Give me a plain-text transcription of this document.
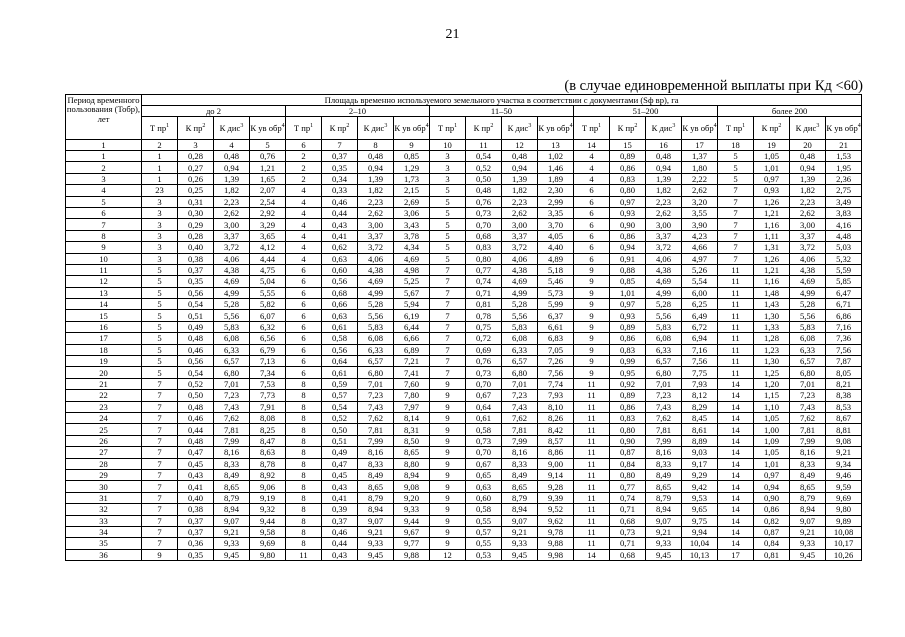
21
(в случае единовременной выплаты при Кд <60)
Период временного пользования (Тобр), лет	Площадь временно используемого земельного участка в соответствии с документами (Sф вр), га																			
	до 2				2–10				11–50				51–200				более 200			
	Т $пр^1$	К $пр^2$	К дис$^3$	К ув обр$^4$	Т $пр^1$	К $пр^2$	К дис$^3$	К ув обр$^4$	Т $пр^1$	К $пр^2$	К дис$^3$	К ув обр$^4$	Т $пр^1$	К $пр^2$	К дис$^3$	К ув обр$^4$	Т $пр^1$	К $пр^2$	К дис$^3$	К ув обр$^4$
1	2	3	4	5	6	7	8	9	10	11	12	13	14	15	16	17	18	19	20	21
1	1	0,28	0,48	0,76	2	0,37	0,48	0,85	3	0,54	0,48	1,02	4	0,89	0,48	1,37	5	1,05	0,48	1,53
2	1	0,27	0,94	1,21	2	0,35	0,94	1,29	3	0,52	0,94	1,46	4	0,86	0,94	1,80	5	1,01	0,94	1,95
3	1	0,26	1,39	1,65	2	0,34	1,39	1,73	3	0,50	1,39	1,89	4	0,83	1,39	2,22	5	0,97	1,39	2,36
4	23	0,25	1,82	2,07	4	0,33	1,82	2,15	5	0,48	1,82	2,30	6	0,80	1,82	2,62	7	0,93	1,82	2,75
5	3	0,31	2,23	2,54	4	0,46	2,23	2,69	5	0,76	2,23	2,99	6	0,97	2,23	3,20	7	1,26	2,23	3,49
6	3	0,30	2,62	2,92	4	0,44	2,62	3,06	5	0,73	2,62	3,35	6	0,93	2,62	3,55	7	1,21	2,62	3,83
7	3	0,29	3,00	3,29	4	0,43	3,00	3,43	5	0,70	3,00	3,70	6	0,90	3,00	3,90	7	1,16	3,00	4,16
8	3	0,28	3,37	3,65	4	0,41	3,37	3,78	5	0,68	3,37	4,05	6	0,86	3,37	4,23	7	1,11	3,37	4,48
9	3	0,40	3,72	4,12	4	0,62	3,72	4,34	5	0,83	3,72	4,40	6	0,94	3,72	4,66	7	1,31	3,72	5,03
10	3	0,38	4,06	4,44	4	0,63	4,06	4,69	5	0,80	4,06	4,89	6	0,91	4,06	4,97	7	1,26	4,06	5,32
11	5	0,37	4,38	4,75	6	0,60	4,38	4,98	7	0,77	4,38	5,18	9	0,88	4,38	5,26	11	1,21	4,38	5,59
12	5	0,35	4,69	5,04	6	0,56	4,69	5,25	7	0,74	4,69	5,46	9	0,85	4,69	5,54	11	1,16	4,69	5,85
13	5	0,56	4,99	5,55	6	0,68	4,99	5,67	7	0,71	4,99	5,73	9	1,01	4,99	6,00	11	1,48	4,99	6,47
14	5	0,54	5,28	5,82	6	0,66	5,28	5,94	7	0,81	5,28	5,99	9	0,97	5,28	6,25	11	1,43	5,28	6,71
15	5	0,51	5,56	6,07	6	0,63	5,56	6,19	7	0,78	5,56	6,37	9	0,93	5,56	6,49	11	1,30	5,56	6,86
16	5	0,49	5,83	6,32	6	0,61	5,83	6,44	7	0,75	5,83	6,61	9	0,89	5,83	6,72	11	1,33	5,83	7,16
17	5	0,48	6,08	6,56	6	0,58	6,08	6,66	7	0,72	6,08	6,83	9	0,86	6,08	6,94	11	1,28	6,08	7,36
18	5	0,46	6,33	6,79	6	0,56	6,33	6,89	7	0,69	6,33	7,05	9	0,83	6,33	7,16	11	1,23	6,33	7,56
19	5	0,56	6,57	7,13	6	0,64	6,57	7,21	7	0,76	6,57	7,26	9	0,99	6,57	7,56	11	1,30	6,57	7,87
20	5	0,54	6,80	7,34	6	0,61	6,80	7,41	7	0,73	6,80	7,56	9	0,95	6,80	7,75	11	1,25	6,80	8,05
21	7	0,52	7,01	7,53	8	0,59	7,01	7,60	9	0,70	7,01	7,74	11	0,92	7,01	7,93	14	1,20	7,01	8,21
22	7	0,50	7,23	7,73	8	0,57	7,23	7,80	9	0,67	7,23	7,93	11	0,89	7,23	8,12	14	1,15	7,23	8,38
23	7	0,48	7,43	7,91	8	0,54	7,43	7,97	9	0,64	7,43	8,10	11	0,86	7,43	8,29	14	1,10	7,43	8,53
24	7	0,46	7,62	8,08	8	0,52	7,62	8,14	9	0,61	7,62	8,26	11	0,83	7,62	8,45	14	1,05	7,62	8,67
25	7	0,44	7,81	8,25	8	0,50	7,81	8,31	9	0,58	7,81	8,42	11	0,80	7,81	8,61	14	1,00	7,81	8,81
26	7	0,48	7,99	8,47	8	0,51	7,99	8,50	9	0,73	7,99	8,57	11	0,90	7,99	8,89	14	1,09	7,99	9,08
27	7	0,47	8,16	8,63	8	0,49	8,16	8,65	9	0,70	8,16	8,86	11	0,87	8,16	9,03	14	1,05	8,16	9,21
28	7	0,45	8,33	8,78	8	0,47	8,33	8,80	9	0,67	8,33	9,00	11	0,84	8,33	9,17	14	1,01	8,33	9,34
29	7	0,43	8,49	8,92	8	0,45	8,49	8,94	9	0,65	8,49	9,14	11	0,80	8,49	9,29	14	0,97	8,49	9,46
30	7	0,41	8,65	9,06	8	0,43	8,65	9,08	9	0,63	8,65	9,28	11	0,77	8,65	9,42	14	0,94	8,65	9,59
31	7	0,40	8,79	9,19	8	0,41	8,79	9,20	9	0,60	8,79	9,39	11	0,74	8,79	9,53	14	0,90	8,79	9,69
32	7	0,38	8,94	9,32	8	0,39	8,94	9,33	9	0,58	8,94	9,52	11	0,71	8,94	9,65	14	0,86	8,94	9,80
33	7	0,37	9,07	9,44	8	0,37	9,07	9,44	9	0,55	9,07	9,62	11	0,68	9,07	9,75	14	0,82	9,07	9,89
34	7	0,37	9,21	9,58	8	0,46	9,21	9,67	9	0,57	9,21	9,78	11	0,73	9,21	9,94	14	0,87	9,21	10,08
35	7	0,36	9,33	9,69	8	0,44	9,33	9,77	9	0,55	9,33	9,88	11	0,71	9,33	10,04	14	0,84	9,33	10,17
36	9	0,35	9,45	9,80	11	0,43	9,45	9,88	12	0,53	9,45	9,98	14	0,68	9,45	10,13	17	0,81	9,45	10,26
